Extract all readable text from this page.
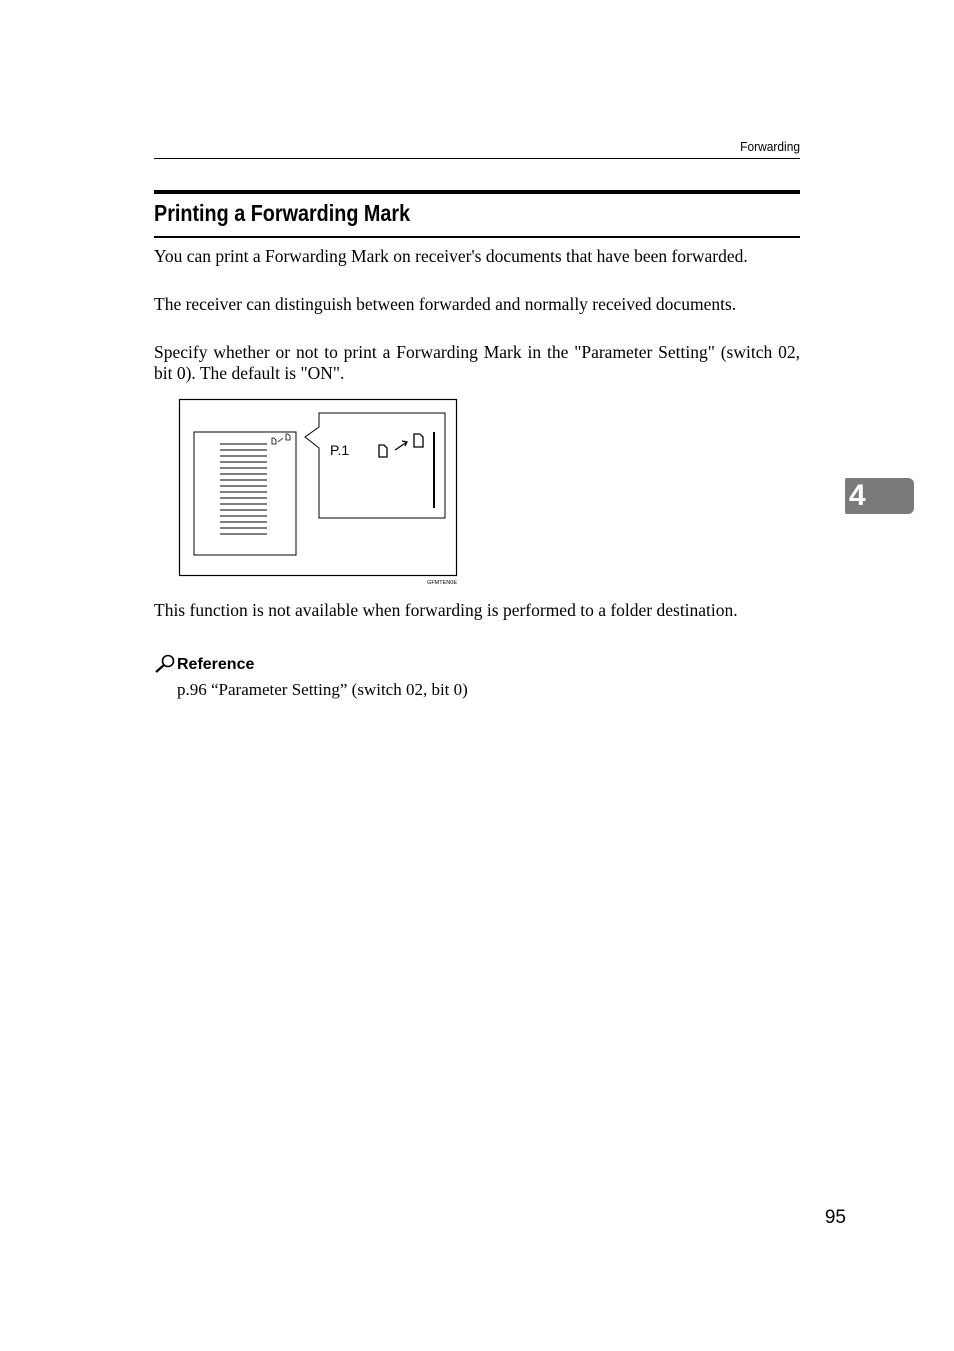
Forwarding
Printing a Forwarding Mark

You can print a Forwarding Mark on receiver's documents that have been forwarded.

The receiver can distinguish between forwarded and normally received documents.

Specify whether or not to print a Forwarding Mark in the "Parameter Setting" (switch 02, bit 0). The default is "ON".

P.1
GFMTEN0E

This function is not available when forwarding is performed to a folder destination.

Reference
p.96 “Parameter Setting” (switch 02, bit 0)
4
95
